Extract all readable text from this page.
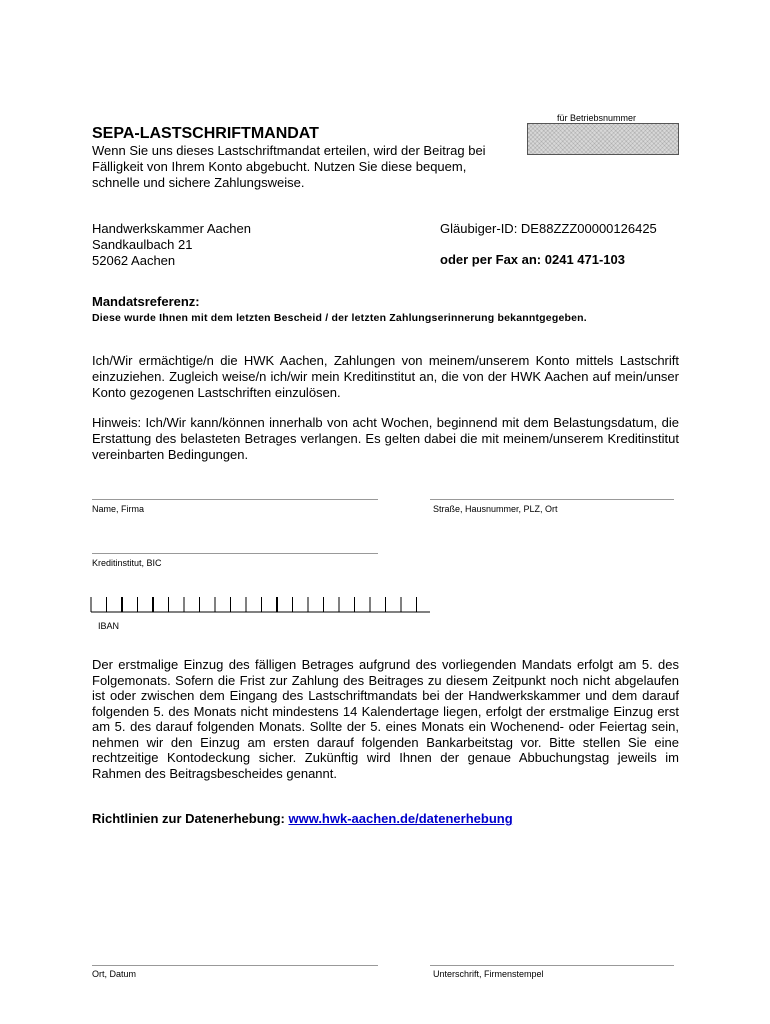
für Betriebsnummer
SEPA-LASTSCHRIFTMANDAT
Wenn Sie uns dieses Lastschriftmandat erteilen, wird der Beitrag bei Fälligkeit von Ihrem Konto abgebucht. Nutzen Sie diese bequem, schnelle und sichere Zahlungsweise.
Handwerkskammer Aachen
Sandkaulbach 21
52062 Aachen
Gläubiger-ID: DE88ZZZ00000126425
oder per Fax an: 0241 471-103
Mandatsreferenz:
Diese wurde Ihnen mit dem letzten Bescheid / der letzten Zahlungserinnerung bekanntgegeben.
Ich/Wir ermächtige/n die HWK Aachen, Zahlungen von meinem/unserem Konto mittels Lastschrift einzuziehen. Zugleich weise/n ich/wir mein Kreditinstitut an, die von der HWK Aachen auf mein/unser Konto gezogenen Lastschriften einzulösen.
Hinweis: Ich/Wir kann/können innerhalb von acht Wochen, beginnend mit dem Belastungsdatum, die Erstattung des belasteten Betrages verlangen. Es gelten dabei die mit meinem/unserem Kreditinstitut vereinbarten Bedingungen.
Name, Firma	Straße, Hausnummer, PLZ, Ort
Kreditinstitut, BIC
IBAN
Der erstmalige Einzug des fälligen Betrages aufgrund des vorliegenden Mandats erfolgt am 5. des Folgemonats. Sofern die Frist zur Zahlung des Beitrages zu diesem Zeitpunkt noch nicht abgelaufen ist oder zwischen dem Eingang des Lastschriftmandats bei der Handwerkskammer und dem darauf folgenden 5. des Monats nicht mindestens 14 Kalendertage liegen, erfolgt der erstmalige Einzug erst am 5. des darauf folgenden Monats. Sollte der 5. eines Monats ein Wochenend- oder Feiertag sein, nehmen wir den Einzug am ersten darauf folgenden Bankarbeitstag vor. Bitte stellen Sie eine rechtzeitige Kontodeckung sicher. Zukünftig wird Ihnen der genaue Abbuchungstag jeweils im Rahmen des Beitragsbescheides genannt.
Richtlinien zur Datenerhebung: www.hwk-aachen.de/datenerhebung
Ort, Datum	Unterschrift, Firmenstempel
